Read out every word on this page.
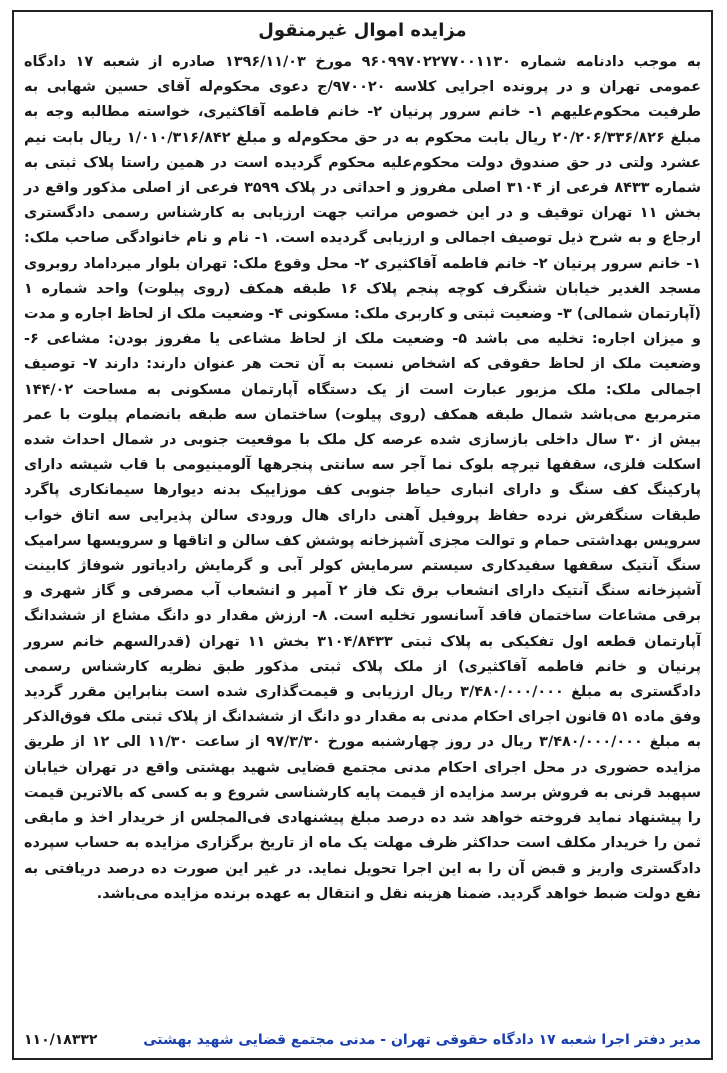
مزایده اموال غیرمنقول

به موجب دادنامه شماره ۹۶۰۹۹۷۰۲۲۷۷۰۰۱۱۳۰ مورخ ۱۳۹۶/۱۱/۰۳ صادره از شعبه ۱۷ دادگاه عمومی تهران و در پرونده اجرایی کلاسه ۹۷۰۰۲۰/ج دعوی محکوم‌له آقای حسین شهابی به طرفیت محکوم‌علیهم ۱- خانم سرور پرنیان ۲- خانم فاطمه آقاکثیری، خواسته مطالبه وجه به مبلغ ۲۰/۲۰۶/۳۳۶/۸۲۶ ریال بابت محکوم به در حق محکوم‌له و مبلغ ۱/۰۱۰/۳۱۶/۸۴۲ ریال بابت نیم عشرد ولتی در حق صندوق دولت محکوم‌علیه محکوم گردیده است در همین راستا پلاک ثبتی به شماره ۸۴۳۳ فرعی از ۳۱۰۴ اصلی مفروز و احداثی در پلاک ۳۵۹۹ فرعی از اصلی مذکور واقع در بخش ۱۱ تهران توقیف و در این خصوص مراتب جهت ارزیابی به کارشناس رسمی دادگستری ارجاع و به شرح ذیل توصیف اجمالی و ارزیابی گردیده است. ۱- نام و نام خانوادگی صاحب ملک: ۱- خانم سرور پرنیان ۲- خانم فاطمه آقاکثیری ۲- محل وقوع ملک: تهران بلوار میرداماد روبروی مسجد الغدیر خیابان شنگرف کوچه پنجم پلاک ۱۶ طبقه همکف (روی پیلوت) واحد شماره ۱ (آپارتمان شمالی) ۳- وضعیت ثبتی و کاربری ملک: مسکونی ۴- وضعیت ملک از لحاظ اجاره و مدت و میزان اجاره: تخلیه می باشد ۵- وضعیت ملک از لحاظ مشاعی یا مفروز بودن: مشاعی ۶- وضعیت ملک از لحاظ حقوقی که اشخاص نسبت به آن تحت هر عنوان دارند: دارند ۷- توصیف اجمالی ملک: ملک مزبور عبارت است از یک دستگاه آپارتمان مسکونی به مساحت ۱۴۴/۰۲ مترمربع می‌باشد شمال طبقه همکف (روی پیلوت) ساختمان سه طبقه بانضمام پیلوت با عمر بیش از ۳۰ سال داخلی بازسازی شده عرصه کل ملک با موقعیت جنوبی در شمال احداث شده اسکلت فلزی، سقفها تیرچه بلوک نما آجر سه سانتی پنجرهها آلومینیومی با قاب شیشه دارای پارکینگ کف سنگ و دارای انباری حیاط جنوبی کف موزاییک بدنه دیوارها سیمانکاری پاگرد طبقات سنگفرش نرده حفاظ پروفیل آهنی دارای هال ورودی سالن پذیرایی سه اتاق خواب سرویس بهداشتی حمام و توالت مجزی آشپزخانه پوشش کف سالن و اتاقها و سرویسها سرامیک سنگ آنتیک سقفها سفیدکاری سیستم سرمایش کولر آبی و گرمایش رادیاتور شوفاژ کابینت آشپزخانه سنگ آنتیک دارای انشعاب برق تک فاز ۲ آمپر و انشعاب آب مصرفی و گاز شهری و برقی مشاعات ساختمان فاقد آسانسور تخلیه است. ۸- ارزش مقدار دو دانگ مشاع از ششدانگ آپارتمان قطعه اول تفکیکی به پلاک ثبتی ۳۱۰۴/۸۴۳۳ بخش ۱۱ تهران (قدرالسهم خانم سرور پرنیان و خانم فاطمه آقاکثیری) از ملک پلاک ثبتی مذکور طبق نظریه کارشناس رسمی دادگستری به مبلغ ۳/۴۸۰/۰۰۰/۰۰۰ ریال ارزیابی و قیمت‌گذاری شده است بنابراین مقرر گردید وفق ماده ۵۱ قانون اجرای احکام مدنی به مقدار دو دانگ از ششدانگ از پلاک ثبتی ملک فوق‌الذکر به مبلغ ۳/۴۸۰/۰۰۰/۰۰۰ ریال در روز چهارشنبه مورخ ۹۷/۳/۳۰ از ساعت ۱۱/۳۰ الی ۱۲ از طریق مزایده حضوری در محل اجرای احکام مدنی مجتمع قضایی شهید بهشتی واقع در تهران خیابان سپهبد قرنی به فروش برسد مزایده از قیمت پایه کارشناسی شروع و به کسی که بالاترین قیمت را پیشنهاد نماید فروخته خواهد شد ده درصد مبلغ پیشنهادی فی‌المجلس از خریدار اخذ و مابقی ثمن را خریدار مکلف است حداکثر ظرف مهلت یک ماه از تاریخ برگزاری مزایده به حساب سپرده دادگستری واریز و قبض آن را به این اجرا تحویل نماید. در غیر این صورت ده درصد دریافتی به نفع دولت ضبط خواهد گردید. ضمنا هزینه نقل و انتقال به عهده برنده مزایده می‌باشد.

مدیر دفتر اجرا شعبه ۱۷ دادگاه حقوقی تهران - مدنی مجتمع قضایی شهید بهشتی
۱۱۰/۱۸۳۳۲
